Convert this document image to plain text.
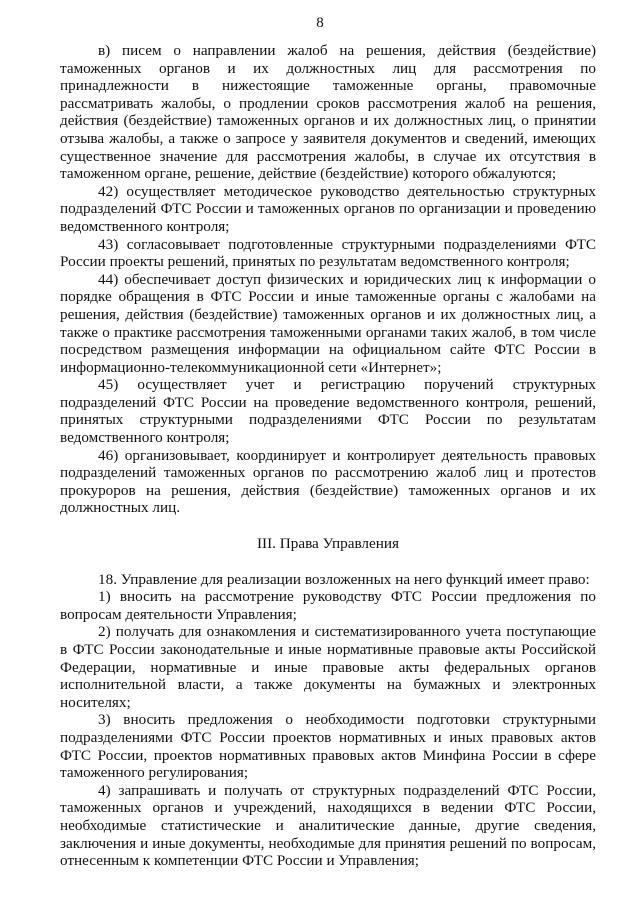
8

в) писем о направлении жалоб на решения, действия (бездействие) таможенных органов и их должностных лиц для рассмотрения по принадлежности в нижестоящие таможенные органы, правомочные рассматривать жалобы, о продлении сроков рассмотрения жалоб на решения, действия (бездействие) таможенных органов и их должностных лиц, о принятии отзыва жалобы, а также о запросе у заявителя документов и сведений, имеющих существенное значение для рассмотрения жалобы, в случае их отсутствия в таможенном органе, решение, действие (бездействие) которого обжалуются;

42) осуществляет методическое руководство деятельностью структурных подразделений ФТС России и таможенных органов по организации и проведению ведомственного контроля;

43) согласовывает подготовленные структурными подразделениями ФТС России проекты решений, принятых по результатам ведомственного контроля;

44) обеспечивает доступ физических и юридических лиц к информации о порядке обращения в ФТС России и иные таможенные органы с жалобами на решения, действия (бездействие) таможенных органов и их должностных лиц, а также о практике рассмотрения таможенными органами таких жалоб, в том числе посредством размещения информации на официальном сайте ФТС России в информационно-телекоммуникационной сети «Интернет»;

45) осуществляет учет и регистрацию поручений структурных подразделений ФТС России на проведение ведомственного контроля, решений, принятых структурными подразделениями ФТС России по результатам ведомственного контроля;

46) организовывает, координирует и контролирует деятельность правовых подразделений таможенных органов по рассмотрению жалоб лиц и протестов прокуроров на решения, действия (бездействие) таможенных органов и их должностных лиц.

III. Права Управления

18. Управление для реализации возложенных на него функций имеет право:

1) вносить на рассмотрение руководству ФТС России предложения по вопросам деятельности Управления;

2) получать для ознакомления и систематизированного учета поступающие в ФТС России законодательные и иные нормативные правовые акты Российской Федерации, нормативные и иные правовые акты федеральных органов исполнительной власти, а также документы на бумажных и электронных носителях;

3) вносить предложения о необходимости подготовки структурными подразделениями ФТС России проектов нормативных и иных правовых актов ФТС России, проектов нормативных правовых актов Минфина России в сфере таможенного регулирования;

4) запрашивать и получать от структурных подразделений ФТС России, таможенных органов и учреждений, находящихся в ведении ФТС России, необходимые статистические и аналитические данные, другие сведения, заключения и иные документы, необходимые для принятия решений по вопросам, отнесенным к компетенции ФТС России и Управления;
